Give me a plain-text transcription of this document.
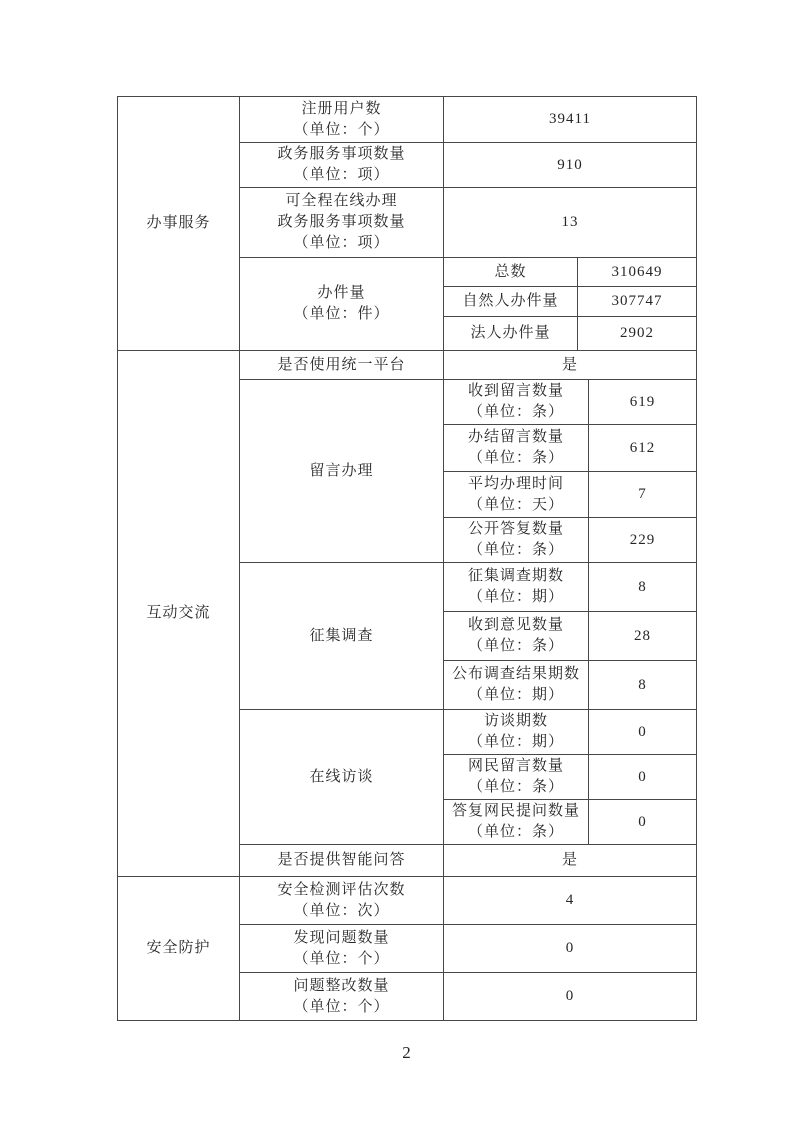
办事服务	注册用户数
（单位：个）	39411		

	政务服务事项数量
（单位：项）	910		

	可全程在线办理
政务服务事项数量
（单位：项）	13		

	办件量
（单位：件）	总数	310649	
		自然人办件量	307747	
		法人办件量	2902	

互动交流	是否使用统一平台	是		
	留言办理	收到留言数量
（单位：条）		619

		办结留言数量
（单位：条）		612

		平均办理时间
（单位：天）		7

		公开答复数量
（单位：条）		229
	征集调查	征集调查期数
（单位：期）		8

		收到意见数量
（单位：条）		28

		公布调查结果期数
（单位：期）		8
	在线访谈	访谈期数
（单位：期）		0

		网民留言数量
（单位：条）		0

		答复网民提问数量
（单位：条）		0
	是否提供智能问答	是		

安全防护	安全检测评估次数
（单位：次）	4		

	发现问题数量
（单位：个）	0		

	问题整改数量
（单位：个）	0		
2
